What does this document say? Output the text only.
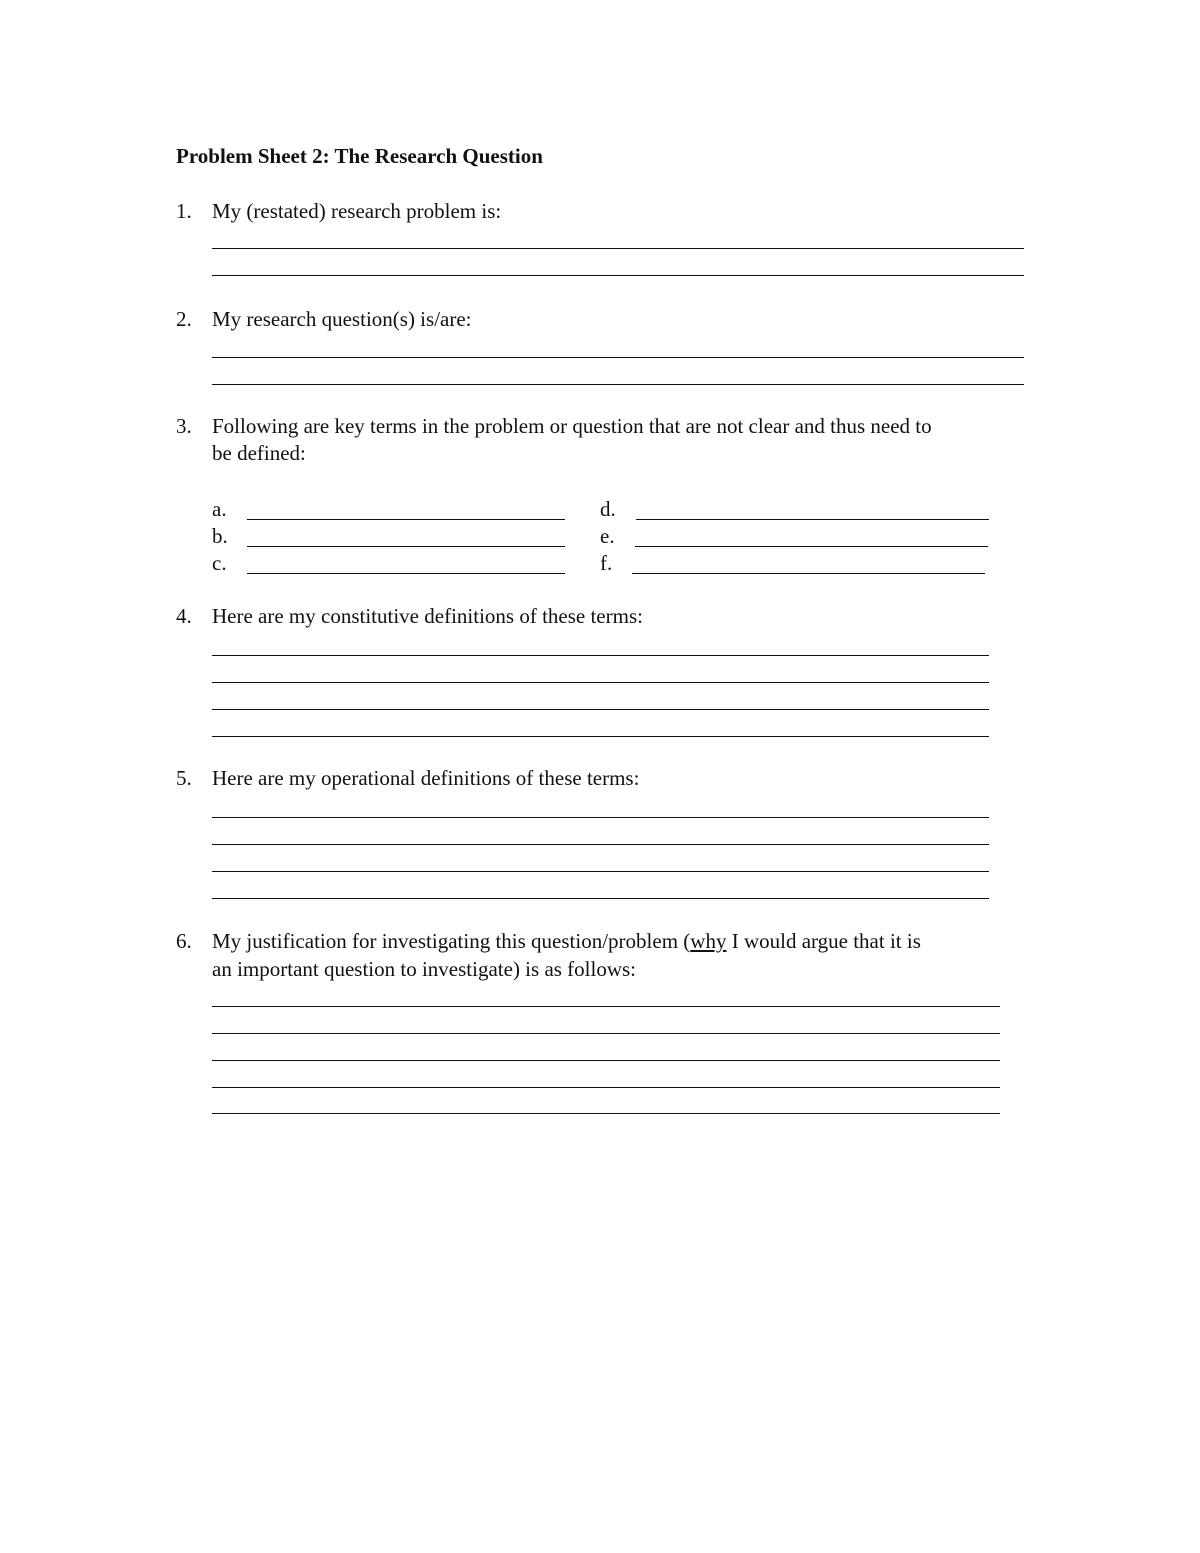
Problem Sheet 2: The Research Question
1. My (restated) research problem is:
2. My research question(s) is/are:
3. Following are key terms in the problem or question that are not clear and thus need to
be defined:
a.
b.
c.
d.
e.
f.
4. Here are my constitutive definitions of these terms:
5. Here are my operational definitions of these terms:
6. My justification for investigating this question/problem (why I would argue that it is
an important question to investigate) is as follows:
